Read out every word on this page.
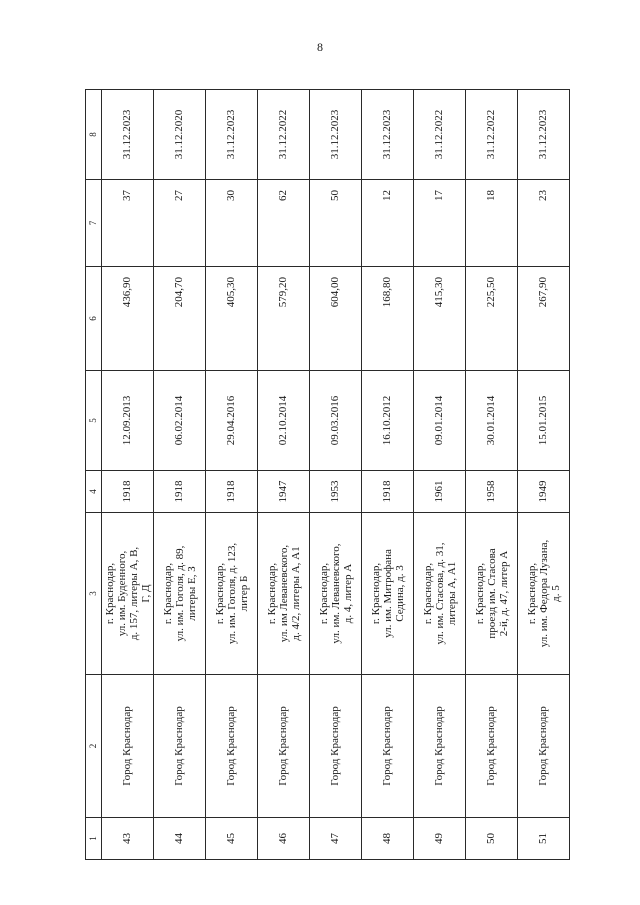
8
1	2	3	4	5	6	7	8
43	Город Краснодар	г. Краснодар, ул. им. Буденного, д. 157, литеры А, В, Г, Д	1918	12.09.2013	436,90	37	31.12.2023
44	Город Краснодар	г. Краснодар, ул. им. Гоголя, д. 89, литеры Е, З	1918	06.02.2014	204,70	27	31.12.2020
45	Город Краснодар	г. Краснодар, ул. им. Гоголя, д. 123, литер Б	1918	29.04.2016	405,30	30	31.12.2023
46	Город Краснодар	г. Краснодар, ул. им Леваневского, д. 4/2, литеры А, А1	1947	02.10.2014	579,20	62	31.12.2022
47	Город Краснодар	г. Краснодар, ул. им. Леваневского, д. 4, литер А	1953	09.03.2016	604,00	50	31.12.2023
48	Город Краснодар	г. Краснодар, ул. им. Митрофана Седина, д. 3	1918	16.10.2012	168,80	12	31.12.2023
49	Город Краснодар	г. Краснодар, ул. им. Стасова, д. 31, литеры А, А1	1961	09.01.2014	415,30	17	31.12.2022
50	Город Краснодар	г. Краснодар, проезд им. Стасова 2-й, д. 47, литер А	1958	30.01.2014	225,50	18	31.12.2022
51	Город Краснодар	г. Краснодар, ул. им. Федора Лузана, д. 5	1949	15.01.2015	267,90	23	31.12.2023
